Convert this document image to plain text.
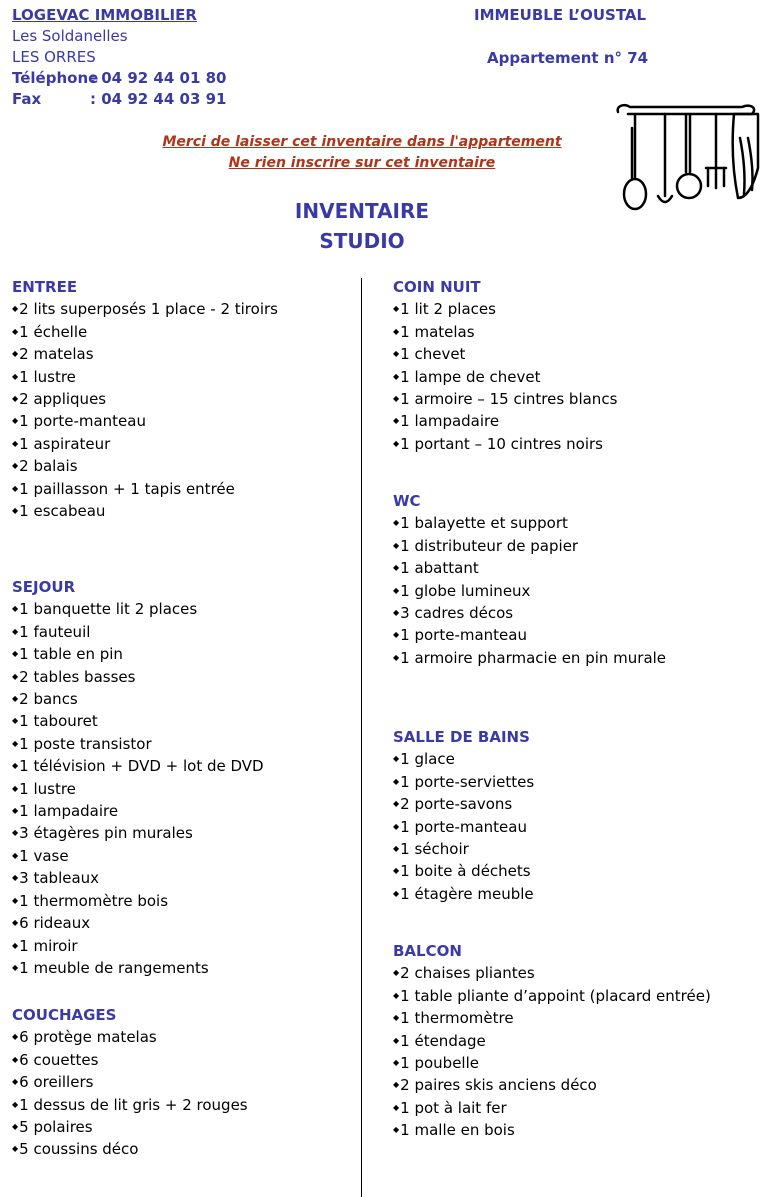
LOGEVAC IMMOBILIER
Les Soldanelles
LES ORRES
Téléphone: 04 92 44 01 80
Fax	: 04 92 44 03 91
IMMEUBLE L’OUSTAL
Appartement n° 74
Merci de laisser cet inventaire dans l'appartement
Ne rien inscrire sur cet inventaire
INVENTAIRE
STUDIO
ENTREE
◆ 2 lits superposés 1 place - 2 tiroirs
◆ 1 échelle
◆ 2 matelas
◆ 1 lustre
◆ 2 appliques
◆ 1 porte-manteau
◆ 1 aspirateur
◆ 2 balais
◆ 1 paillasson + 1 tapis entrée
◆ 1 escabeau
SEJOUR
◆ 1 banquette lit 2 places
◆ 1 fauteuil
◆ 1 table en pin
◆ 2 tables basses
◆ 2 bancs
◆ 1 tabouret
◆ 1 poste transistor
◆ 1 télévision + DVD + lot de DVD
◆ 1 lustre
◆ 1 lampadaire
◆ 3 étagères pin murales
◆ 1 vase
◆ 3 tableaux
◆ 1 thermomètre bois
◆ 6 rideaux
◆ 1 miroir
◆ 1 meuble de rangements
COUCHAGES
◆ 6 protège matelas
◆ 6 couettes
◆ 6 oreillers
◆ 1 dessus de lit gris + 2 rouges
◆ 5 polaires
◆ 5 coussins déco
COIN NUIT
◆ 1 lit 2 places
◆ 1 matelas
◆ 1 chevet
◆ 1 lampe de chevet
◆ 1 armoire – 15 cintres blancs
◆ 1 lampadaire
◆ 1 portant – 10 cintres noirs
WC
◆ 1 balayette et support
◆ 1 distributeur de papier
◆ 1 abattant
◆ 1 globe lumineux
◆ 3 cadres décos
◆ 1 porte-manteau
◆ 1 armoire pharmacie en pin murale
SALLE DE BAINS
◆ 1 glace
◆ 1 porte-serviettes
◆ 2 porte-savons
◆ 1 porte-manteau
◆ 1 séchoir
◆ 1 boite à déchets
◆ 1 étagère meuble
BALCON
◆ 2 chaises pliantes
◆ 1 table pliante d’appoint (placard entrée)
◆ 1 thermomètre
◆ 1 étendage
◆ 1 poubelle
◆ 2 paires skis anciens déco
◆ 1 pot à lait fer
◆ 1 malle en bois
